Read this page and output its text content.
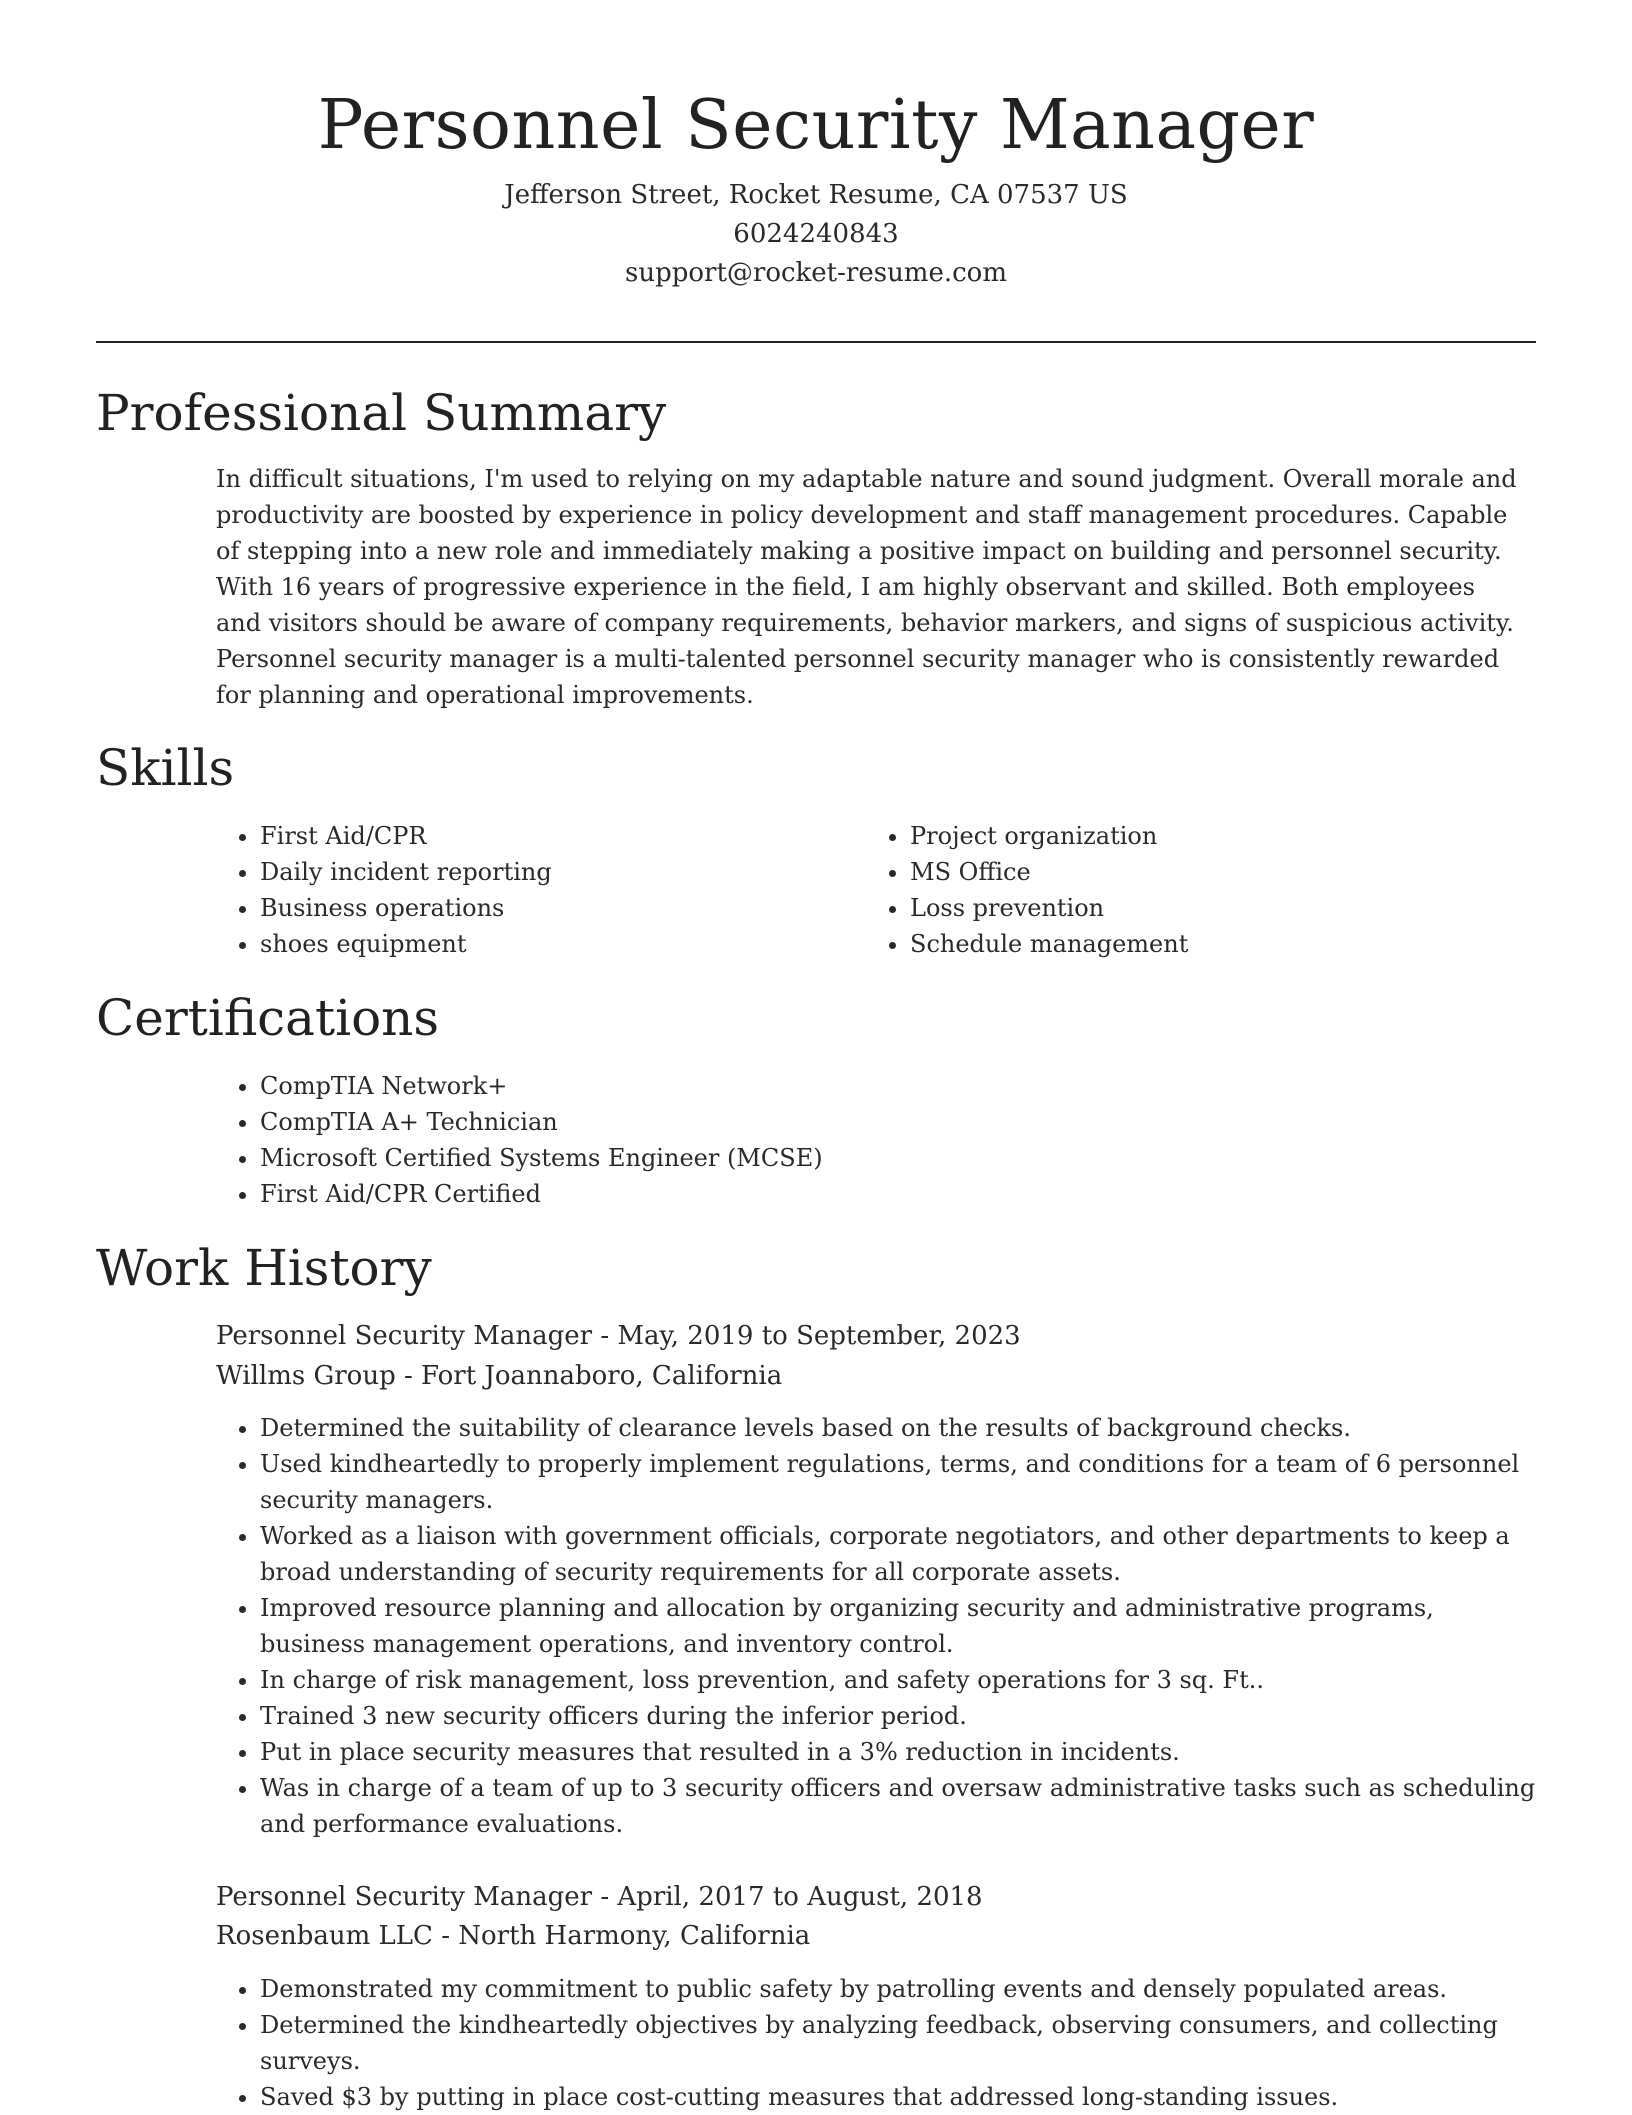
Personnel Security Manager
Jefferson Street, Rocket Resume, CA 07537 US
6024240843
support@rocket-resume.com
Professional Summary

In difficult situations, I'm used to relying on my adaptable nature and sound judgment. Overall morale and productivity are boosted by experience in policy development and staff management procedures. Capable of stepping into a new role and immediately making a positive impact on building and personnel security. With 16 years of progressive experience in the field, I am highly observant and skilled. Both employees and visitors should be aware of company requirements, behavior markers, and signs of suspicious activity. Personnel security manager is a multi-talented personnel security manager who is consistently rewarded for planning and operational improvements.

Skills
• First Aid/CPR
• Daily incident reporting
• Business operations
• shoes equipment
• Project organization
• MS Office
• Loss prevention
• Schedule management
Certifications
• CompTIA Network+
• CompTIA A+ Technician
• Microsoft Certified Systems Engineer (MCSE)
• First Aid/CPR Certified
Work History
Personnel Security Manager - May, 2019 to September, 2023
Willms Group - Fort Joannaboro, California
• Determined the suitability of clearance levels based on the results of background checks.
• Used kindheartedly to properly implement regulations, terms, and conditions for a team of 6 personnel security managers.
• Worked as a liaison with government officials, corporate negotiators, and other departments to keep a broad understanding of security requirements for all corporate assets.
• Improved resource planning and allocation by organizing security and administrative programs, business management operations, and inventory control.
• In charge of risk management, loss prevention, and safety operations for 3 sq. Ft..
• Trained 3 new security officers during the inferior period.
• Put in place security measures that resulted in a 3% reduction in incidents.
• Was in charge of a team of up to 3 security officers and oversaw administrative tasks such as scheduling and performance evaluations.
Personnel Security Manager - April, 2017 to August, 2018
Rosenbaum LLC - North Harmony, California
• Demonstrated my commitment to public safety by patrolling events and densely populated areas.
• Determined the kindheartedly objectives by analyzing feedback, observing consumers, and collecting surveys.
• Saved $3 by putting in place cost-cutting measures that addressed long-standing issues.
